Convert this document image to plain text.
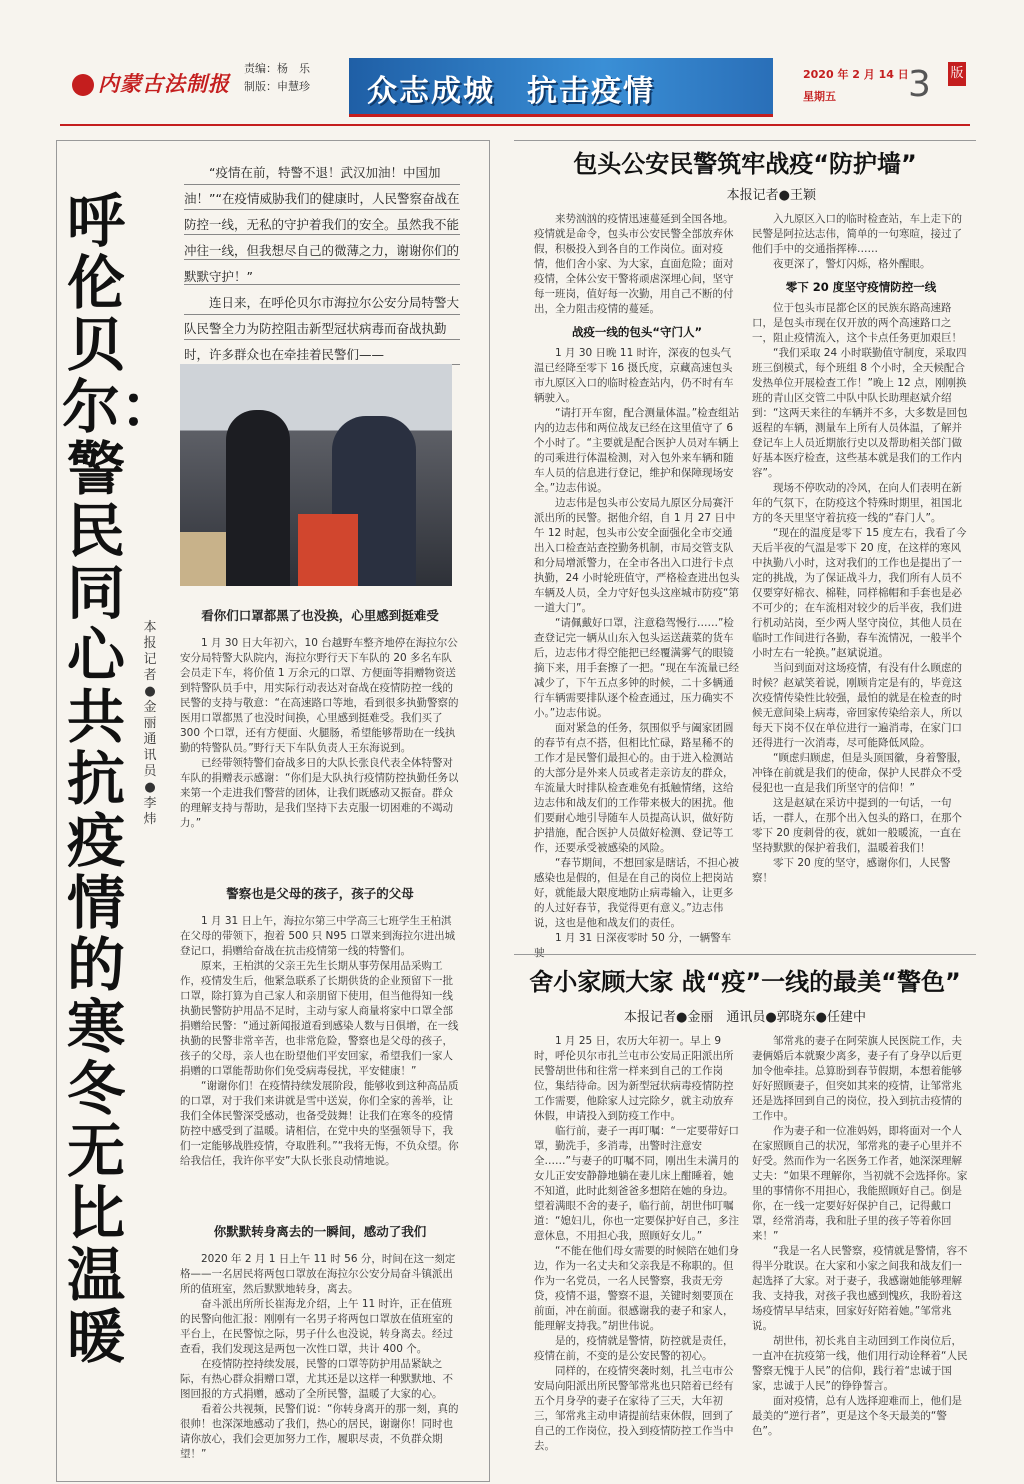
内蒙古法制报
责编：杨　乐
制版：申慧珍	众志成城　抗击疫情	2020 年 2 月 14 日
星期五 3 版
呼伦贝尔：警民同心共抗疫情的寒冬无比温暖
本报记者●金丽　通讯员●李炜

“疫情在前，特警不退！武汉加油！中国加油！”“在疫情威胁我们的健康时，人民警察奋战在防控一线，无私的守护着我们的安全。虽然我不能冲往一线，但我想尽自己的微薄之力，谢谢你们的默默守护！”

连日来，在呼伦贝尔市海拉尔公安分局特警大队民警全力为防控阻击新型冠状病毒而奋战执勤时，许多群众也在牵挂着民警们——

看你们口罩都黑了也没换，心里感到挺难受

1 月 30 日大年初六，10 台越野车整齐地停在海拉尔公安分局特警大队院内，海拉尔野行天下车队的 20 多名车队会员走下车，将价值 1 万余元的口罩、方便面等捐赠物资送到特警队员手中，用实际行动表达对奋战在疫情防控一线的民警的支持与敬意：“在高速路口等地，看到很多执勤警察的医用口罩都黑了也没时间换，心里感到挺难受。我们买了 300 个口罩，还有方便面、火腿肠，希望能够帮助在一线执勤的特警队员。”野行天下车队负责人王东海说到。

已经带领特警们奋战多日的大队长张良代表全体特警对车队的捐赠表示感谢：“你们是大队执行疫情防控执勤任务以来第一个走进我们警营的团体，让我们既感动又振奋。群众的理解支持与帮助，是我们坚持下去克服一切困难的不竭动力。”

警察也是父母的孩子，孩子的父母

1 月 31 日上午，海拉尔第三中学高三七班学生王柏淇在父母的带领下，抱着 500 只 N95 口罩来到海拉尔进出城登记口，捐赠给奋战在抗击疫情第一线的特警们。

原来，王柏淇的父亲王先生长期从事劳保用品采购工作，疫情发生后，他紧急联系了长期供货的企业预留下一批口罩，除打算为自己家人和亲朋留下使用，但当他得知一线执勤民警防护用品不足时，主动与家人商量将家中口罩全部捐赠给民警：“通过新闻报道看到感染人数与日俱增，在一线执勤的民警非常辛苦，也非常危险，警察也是父母的孩子，孩子的父母，亲人也在盼望他们平安回家，希望我们一家人捐赠的口罩能帮助你们免受病毒侵扰，平安健康！”

“谢谢你们！在疫情持续发展阶段，能够收到这种高品质的口罩，对于我们来讲就是雪中送炭，你们全家的善举，让我们全体民警深受感动，也备受鼓舞！让我们在寒冬的疫情防控中感受到了温暖。请相信，在党中央的坚强领导下，我们一定能够战胜疫情，夺取胜利。”“我将无悔，不负众望。你给我信任，我许你平安”大队长张良动情地说。

你默默转身离去的一瞬间，感动了我们

2020 年 2 月 1 日上午 11 时 56 分，时间在这一刻定格——一名居民将两包口罩放在海拉尔公安分局奋斗镇派出所的值班室，然后默默地转身，离去。

奋斗派出所所长崔海龙介绍，上午 11 时许，正在值班的民警向他汇报：刚刚有一名男子将两包口罩放在值班室的平台上，在民警惊之际，男子什么也没说，转身离去。经过查看，我们发现这是两包一次性口罩，共计 400 个。

在疫情防控持续发展，民警的口罩等防护用品紧缺之际，有热心群众捐赠口罩，尤其还是以这样一种默默地、不图回报的方式捐赠，感动了全所民警，温暖了大家的心。

看着公共视频，民警们说：“你转身离开的那一刻，真的很帅！也深深地感动了我们，热心的居民，谢谢你！同时也请你放心，我们会更加努力工作，履职尽责，不负群众期望！”

包头公安民警筑牢战疫“防护墙”
本报记者●王颖

来势汹汹的疫情迅速蔓延到全国各地。疫情就是命令，包头市公安民警全部放弃休假，积极投入到各自的工作岗位。面对疫情，他们舍小家、为大家，直面危险；面对疫情，全体公安干警将顽虐深埋心间，坚守每一班岗，值好每一次勤，用自己不断的付出，全力阻击疫情的蔓延。

战疫一线的包头“守门人”

1 月 30 日晚 11 时许，深夜的包头气温已经降至零下 16 摄氏度，京藏高速包头市九原区入口的临时检查站内，仍不时有车辆驶入。

“请打开车窗，配合测量体温。”检查组站内的边志伟和两位战友已经在这里值守了 6 个小时了。“主要就是配合医护人员对车辆上的司乘进行体温检测，对入包外来车辆和随车人员的信息进行登记，维护和保障现场安全。”边志伟说。

边志伟是包头市公安局九原区分局赛汗派出所的民警。据他介绍，自 1 月 27 日中午 12 时起，包头市公安全面强化全市交通出入口检查站查控勤务机制，市局交管支队和分局增派警力，在全市各出入口进行卡点执勤，24 小时轮班值守，严格检查进出包头车辆及人员，全力守好包头这座城市防疫“第一道大门”。

“请佩戴好口罩，注意稳驾慢行……”检查登记完一辆从山东入包头运送蔬菜的货车后，边志伟才得空能把已经覆满雾气的眼镜摘下来，用手套擦了一把。“现在车流量已经减少了，下午五点多钟的时候，二十多辆通行车辆需要排队逐个检查通过，压力确实不小。”边志伟说。

面对紧急的任务，氛围似乎与阖家团圆的春节有点不搭，但相比忙碌，路星稀不的工作才是民警们最担心的。由于进入检测站的大部分是外来人员或者走亲访友的群众，车流量大时排队检查难免有抵触情绪，这给边志伟和战友们的工作带来极大的困扰。他们要耐心地引导随车人员提高认识，做好防护措施，配合医护人员做好检测、登记等工作，还要承受被感染的风险。

“春节期间，不想回家是瞎话，不担心被感染也是假的，但是在自己的岗位上把岗站好，就能最大限度地防止病毒输入，让更多的人过好春节，我觉得更有意义。”边志伟说，这也是他和战友们的责任。

1 月 31 日深夜零时 50 分，一辆警车驶

入九原区入口的临时检查站，车上走下的民警是阿拉达志伟，简单的一句寒暄，接过了他们手中的交通指挥棒……

夜更深了，警灯闪烁，格外醒眼。

零下 20 度坚守疫情防控一线

位于包头市昆都仑区的民族东路高速路口，是包头市现在仅开放的两个高速路口之一，阻止疫情流入，这个卡点任务更加艰巨！

“我们采取 24 小时联勤值守制度，采取四班三倒模式，每个班组 8 个小时，全天候配合发热单位开展检查工作！”晚上 12 点，刚刚换班的青山区交管二中队中队长助理赵斌介绍到：“这两天来往的车辆并不多，大多数是回包返程的车辆，测量车上所有人员体温，了解并登记车上人员近期旅行史以及帮助相关部门做好基本医疗检查，这些基本就是我们的工作内容”。

现场不停吹动的冷风，在向人们表明在新年的气氛下，在防疫这个特殊时期里，祖国北方的冬天里坚守着抗疫一线的“春门人”。

“现在的温度是零下 15 度左右，我看了今天后半夜的气温是零下 20 度，在这样的寒风中执勤八小时，这对我们的工作也是提出了一定的挑战，为了保证战斗力，我们所有人员不仅要穿好棉衣、棉鞋，同样棉帽和手套也是必不可少的；在车流相对较少的后半夜，我们进行机动站岗，至少两人坚守岗位，其他人员在临时工作间进行各勤，春车流情况，一般半个小时左右一轮换。”赵斌说道。

当问到面对这场疫情，有没有什么顾虑的时候？赵斌笑着说，刚顾肯定是有的，毕竟这次疫情传染性比较强，最怕的就是在检查的时候无意间染上病毒，帝回家传染给亲人，所以每天下岗不仅在单位进行一遍消毒，在家门口还得进行一次消毒，尽可能降低风险。

“顾虑归顾虑，但是头顶国徽，身着警服，冲锋在前就是我们的使命，保护人民群众不受侵犯也一直是我们所坚守的信仰！”

这是赵斌在采访中提到的一句话，一句话，一群人，在那个出入包头的路口，在那个零下 20 度刺骨的夜，就如一般暖流，一直在坚持默默的保护着我们，温暖着我们！

零下 20 度的坚守，感谢你们，人民警察！

舍小家顾大家 战“疫”一线的最美“警色”
本报记者●金丽　通讯员●郭晓东●任建中

1 月 25 日，农历大年初一。早上 9 时，呼伦贝尔市扎兰屯市公安局正阳派出所民警胡世伟和往常一样来到自己的工作岗位，集结待命。因为新型冠状病毒疫情防控工作需要，他除家人过完除夕，就主动放弃休假，申请投入到防疫工作中。

临行前，妻子一再叮嘱：“一定要带好口罩，勤洗手，多消毒，出警时注意安全……”与妻子的叮嘱不同，刚出生未满月的女儿正安安静静地躺在妻儿床上酣睡着，她不知道，此时此刻爸爸多想陪在她的身边。望着满眼不舍的妻子，临行前，胡世伟叮嘱道：“媳妇儿，你也一定要保护好自己，多注意休息，不用担心我，照顾好女儿。”

“不能在他们母女需要的时候陪在她们身边，作为一名丈夫和父亲我是不称职的。但作为一名党员，一名人民警察，我责无旁贷，疫情不退，警察不退，关键时刻要顶在前面，冲在前面。很感谢我的妻子和家人，能理解支持我。”胡世伟说。

是的，疫情就是警情，防控就是责任，疫情在前，不变的是公安民警的初心。

同样的，在疫情突袭时刻，扎兰屯市公安局向阳派出所民警邹常兆也只陪着已经有五个月身孕的妻子在家待了三天，大年初三，邹常兆主动申请提前结束休假，回到了自己的工作岗位，投入到疫情防控工作当中去。

邹常兆的妻子在阿荣旗人民医院工作，夫妻俩婚后本就聚少离多，妻子有了身孕以后更加令他牵挂。总算盼到春节假期，本想着能够好好照顾妻子，但突如其来的疫情，让邹常兆还是选择回到自己的岗位，投入到抗击疫情的工作中。

作为妻子和一位准妈妈，即将面对一个人在家照顾自己的状况，邹常兆的妻子心里并不好受。然而作为一名医务工作者，她深深理解丈夫：“如果不理解你，当初就不会选择你。家里的事情你不用担心，我能照顾好自己。倒是你，在一线一定要好好保护自己，记得戴口罩，经常消毒，我和肚子里的孩子等着你回来！”

“我是一名人民警察，疫情就是警情，容不得半分耽误。在大家和小家之间我和战友们一起选择了大家。对于妻子，我感谢她能够理解我、支持我，对孩子我也感到愧疚，我盼着这场疫情早早结束，回家好好陪着她。”邹常兆说。

胡世伟，初长兆自主动回到工作岗位后，一直冲在抗疫第一线，他们用行动诠释着“人民警察无愧于人民”的信仰，践行着“忠诚于国家，忠诚于人民”的铮铮誓言。

面对疫情，总有人选择迎难而上，他们是最美的“逆行者”，更是这个冬天最美的“警色”。
